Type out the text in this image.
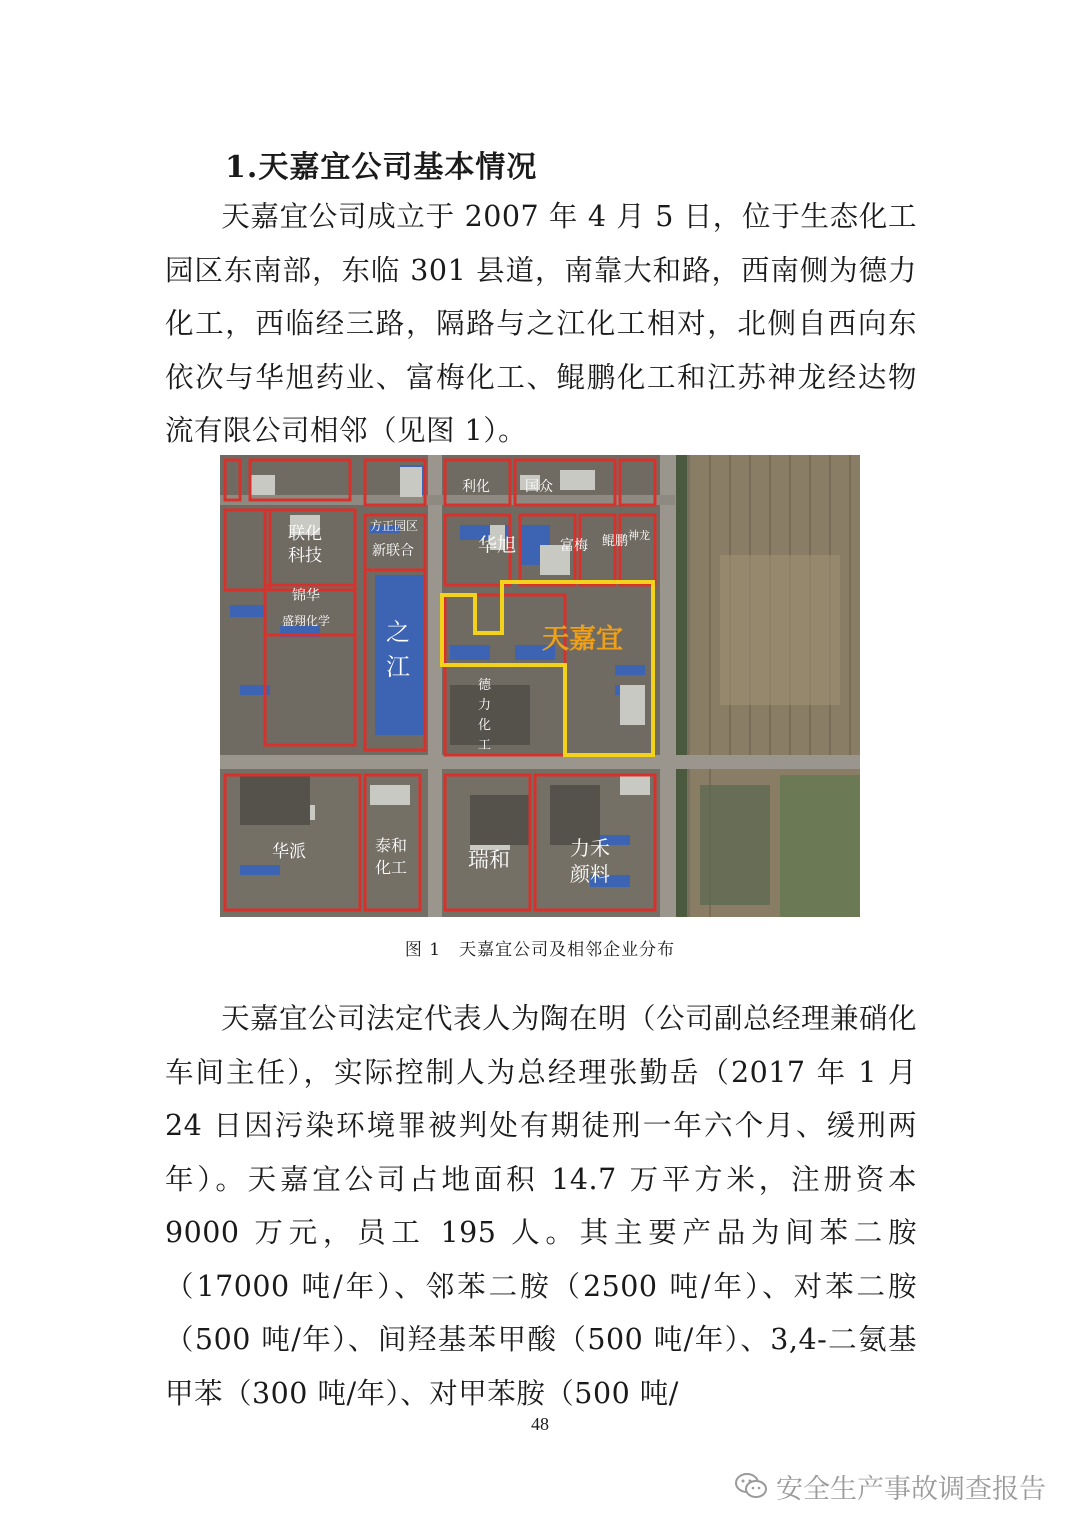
1.天嘉宜公司基本情况
天嘉宜公司成立于 2007 年 4 月 5 日，位于生态化工园区东南部，东临 301 县道，南靠大和路，西南侧为德力化工，西临经三路，隔路与之江化工相对，北侧自西向东依次与华旭药业、富梅化工、鲲鹏化工和江苏神龙经达物流有限公司相邻（见图 1）。
利化	国众
联化
科技
方正园区
新联合	华旭	富梅 鲲鹏 神龙
锦华
盛翔化学 之
江
天嘉宜
德
力
化
工
华派	泰和
化工	瑞和	力禾
颜料
图 1　天嘉宜公司及相邻企业分布
天嘉宜公司法定代表人为陶在明（公司副总经理兼硝化车间主任），实际控制人为总经理张勤岳（2017 年 1 月 24 日因污染环境罪被判处有期徒刑一年六个月、缓刑两年）。天嘉宜公司占地面积 14.7 万平方米，注册资本 9000 万元，员工 195 人。其主要产品为间苯二胺（17000 吨/年）、邻苯二胺（2500 吨/年）、对苯二胺（500 吨/年）、间羟基苯甲酸（500 吨/年）、3,4-二氨基甲苯（300 吨/年）、对甲苯胺（500 吨/
48
安全生产事故调查报告
